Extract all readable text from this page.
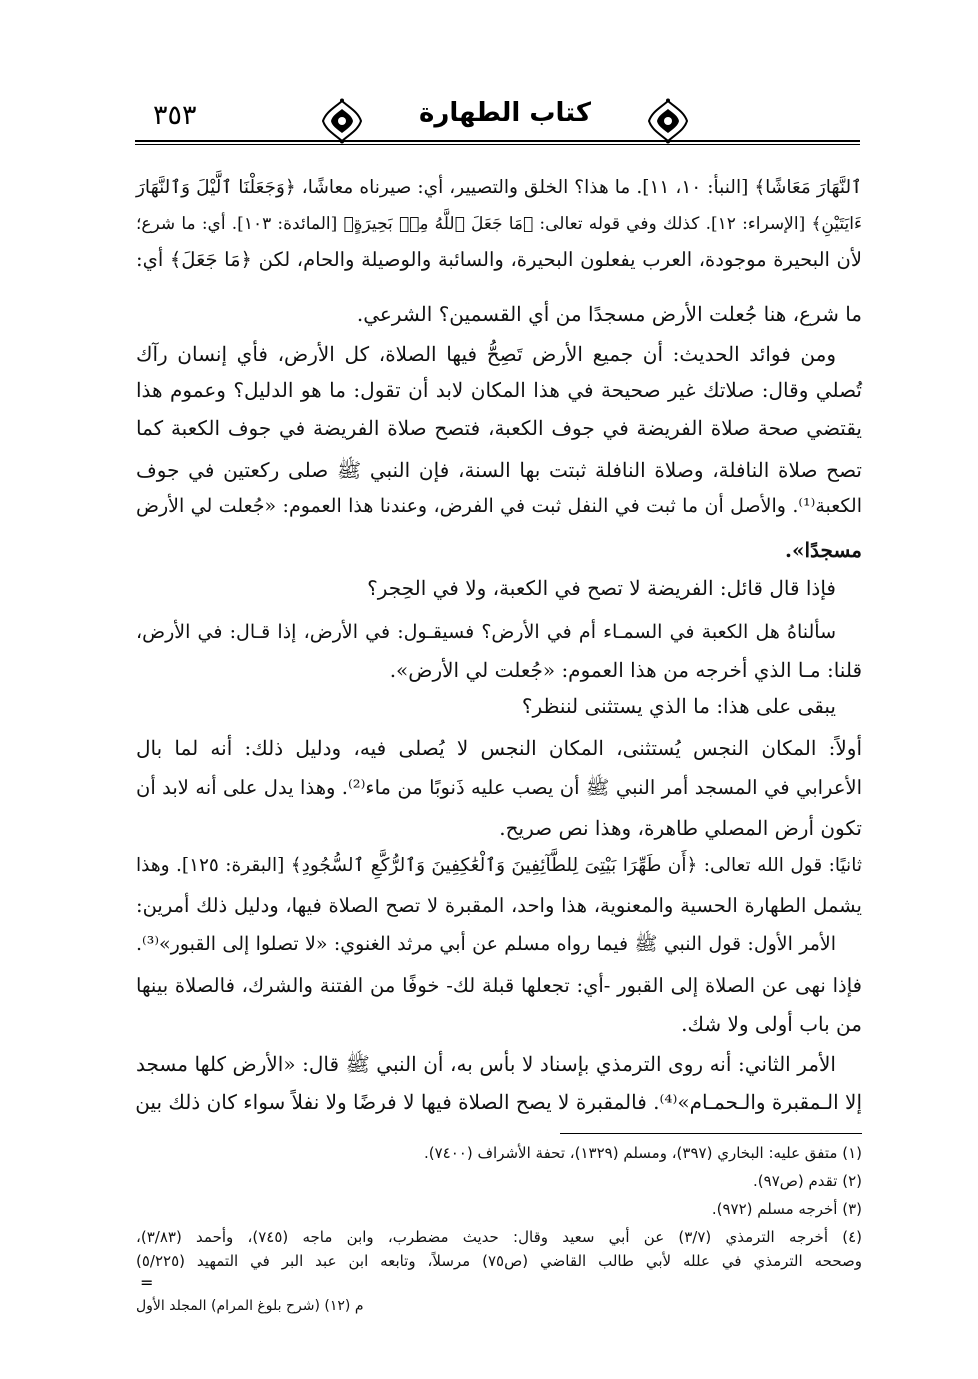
٣٥٣	كتاب الطهارة
ٱلنَّهَارَ مَعَاشًا﴾ [النبأ: ١٠، ١١]. ما هذا؟ الخلق والتصيير، أي: صيرناه معاشًا، ﴿وَجَعَلْنَا ٱلَّيْلَ وَٱلنَّهَارَ
ءَايَتَيْنِ﴾ [الإسراء: ١٢]. كذلك وفي قوله تعالى: ﴿مَا جَعَلَ ٱللَّهُ مِنۢ بَحِيرَةٍ﴾ [المائدة: ١٠٣]. أي: ما شرع؛
لأن البحيرة موجودة، العرب يفعلون البحيرة، والسائبة والوصيلة والحام، لكن ﴿مَا جَعَلَ﴾ أي:
ما شرع، هنا جُعلت الأرض مسجدًا من أي القسمين؟ الشرعي.
ومن فوائد الحديث: أن جميع الأرض تَصِحُّ فيها الصلاة، كل الأرض، فأي إنسان رآك
تُصلي وقال: صلاتك غير صحيحة في هذا المكان لابد أن تقول: ما هو الدليل؟ وعموم هذا
يقتضي صحة صلاة الفريضة في جوف الكعبة، فتصح صلاة الفريضة في جوف الكعبة كما
تصح صلاة النافلة، وصلاة النافلة ثبتت بها السنة، فإن النبي ﷺ صلى ركعتين في جوف
الكعبة⁽¹⁾. والأصل أن ما ثبت في النفل ثبت في الفرض، وعندنا هذا العموم: «جُعلت لي الأرض
مسجدًا».
فإذا قال قائل: الفريضة لا تصح في الكعبة، ولا في الحِجر؟
سألناهُ هل الكعبة في السمـاء أم في الأرض؟ فسيقـول: في الأرض، إذا قـال: في الأرض،
قلنا: مـا الذي أخرجه من هذا العموم: «جُعلت لي الأرض».
يبقى على هذا: ما الذي يستثنى لننظر؟
أولاً: المكان النجس يُستثنى، المكان النجس لا يُصلى فيه، ودليل ذلك: أنه لما بال
الأعرابي في المسجد أمر النبي ﷺ أن يصب عليه ذَنوبًا من ماء⁽²⁾. وهذا يدل على أنه لابد أن
تكون أرض المصلي طاهرة، وهذا نص صريح.
ثانيًا: قول الله تعالى: ﴿أَن طَهِّرَا بَيْتِىَ لِلطَّآئِفِينَ وَٱلْعَٰكِفِينَ وَٱلرُّكَّعِ ٱلسُّجُودِ﴾ [البقرة: ١٢٥]. وهذا
يشمل الطهارة الحسية والمعنوية، هذا واحد، المقبرة لا تصح الصلاة فيها، ودليل ذلك أمرين:
الأمر الأول: قول النبي ﷺ فيما رواه مسلم عن أبي مرثد الغنوي: «لا تصلوا إلى القبور»⁽³⁾.
فإذا نهى عن الصلاة إلى القبور -أي: تجعلها قبلة لك- خوفًا من الفتنة والشرك، فالصلاة بينها
من باب أولى ولا شك.
الأمر الثاني: أنه روى الترمذي بإسناد لا بأس به، أن النبي ﷺ قال: «الأرض كلها مسجد
إلا الـمقبرة والـحمـام»⁽⁴⁾. فالمقبرة لا يصح الصلاة فيها لا فرضًا ولا نفلاً سواء كان ذلك بين
(١) متفق عليه: البخاري (٣٩٧)، ومسلم (١٣٢٩)، تحفة الأشراف (٧٤٠٠).
(٢) تقدم (ص٩٧).
(٣) أخرجه مسلم (٩٧٢).
(٤) أخرجه الترمذي (٣/٧) عن أبي سعيد وقال: حديث مضطرب، وابن ماجه (٧٤٥)، وأحمد (٣/٨٣)،
وصححه الترمذي في علله لأبي طالب القاضي (ص٧٥) مرسلاً، وتابعه ابن عبد البر في التمهيد (٥/٢٢٥)
=
م (١٢) (شرح بلوغ المرام) المجلد الأول
